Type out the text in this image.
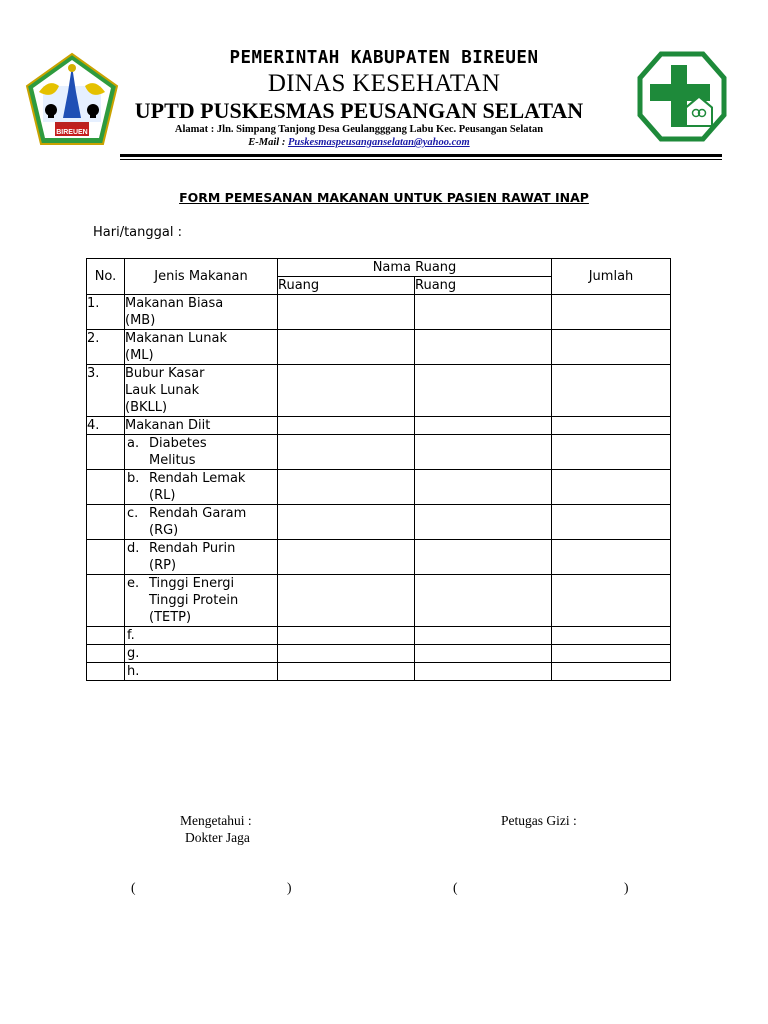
BIREUEN
PEMERINTAH KABUPATEN BIREUEN
DINAS KESEHATAN
UPTD PUSKESMAS PEUSANGAN SELATAN
Alamat : Jln. Simpang Tanjong Desa Geulangggang Labu Kec. Peusangan Selatan
E-Mail : Puskesmaspeusanganselatan@yahoo.com
FORM PEMESANAN MAKANAN UNTUK PASIEN RAWAT INAP
Hari/tanggal :
No.	Jenis Makanan	Nama Ruang		Jumlah
		Ruang	Ruang	
1.	Makanan Biasa
(MB)			

2.	Makanan Lunak
(ML)			

3.	Bubur Kasar
Lauk Lunak
(BKLL)			

4.	Makanan Diit			

	a. Diabetes
Melitus			

	b. Rendah Lemak
(RL)			

	c. Rendah Garam
(RG)			

	d. Rendah Purin
(RP)			

	e. Tinggi Energi
Tinggi Protein
(TETP)			

	f.			

	g.			

	h.			

Mengetahui :
Dokter Jaga
Petugas Gizi :
(	)	(	)
